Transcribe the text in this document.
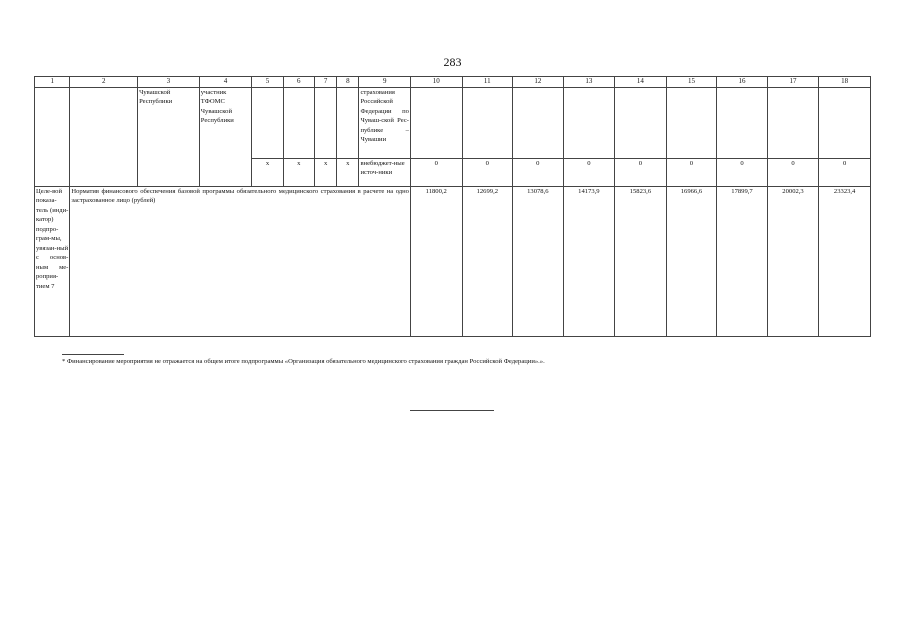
283
1	2	3	4	5	6	7	8	9	10	11	12	13	14	15	16	17	18
		Чувашской Республики	участник ТФОМС Чувашской Республики					страхования Российской Федерации по Чуваш-ской Рес-публике – Чувашии									
				x	x	x	x	внебюджет-ные источ-ники	0	0	0	0	0	0	0	0	0
Целе-вой показа-тель (инди-катор) подпро-грам-мы, увязан-ный с основ-ным ме-роприя-тием 7	Норматив финансового обеспечения базовой программы обязательного медицинского страхования в расчете на одно застрахованное лицо (рублей)								11800,2	12699,2	13078,6	14173,9	15823,6	16966,6	17899,7	20002,3	23323,4
* Финансирование мероприятия не отражается на общем итоге подпрограммы «Организация обязательного медицинского страхования граждан Российской Федерации».».
